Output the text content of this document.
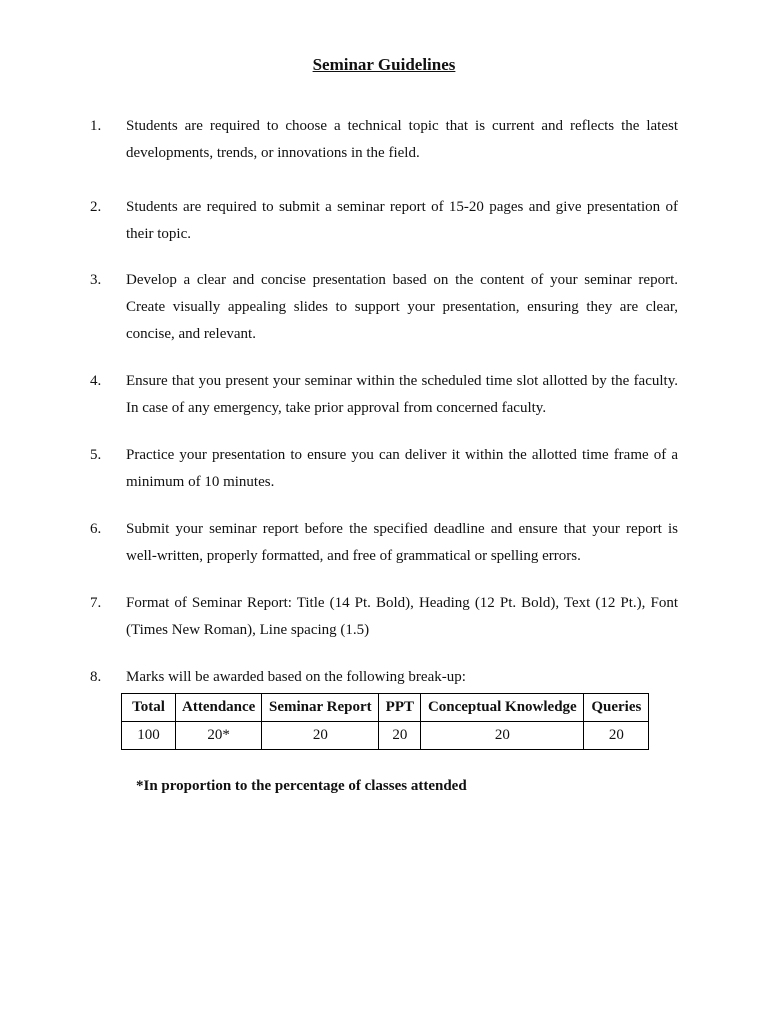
Seminar Guidelines
1.	Students are required to choose a technical topic that is current and reflects the latest developments, trends, or innovations in the field.
2.	Students are required to submit a seminar report of 15-20 pages and give presentation of their topic.
3.	Develop a clear and concise presentation based on the content of your seminar report. Create visually appealing slides to support your presentation, ensuring they are clear, concise, and relevant.
4.	Ensure that you present your seminar within the scheduled time slot allotted by the faculty. In case of any emergency, take prior approval from concerned faculty.
5.	Practice your presentation to ensure you can deliver it within the allotted time frame of a minimum of 10 minutes.
6.	Submit your seminar report before the specified deadline and ensure that your report is well-written, properly formatted, and free of grammatical or spelling errors.
7.	Format of Seminar Report: Title (14 Pt. Bold), Heading (12 Pt. Bold), Text (12 Pt.), Font (Times New Roman), Line spacing (1.5)
8.	Marks will be awarded based on the following break-up:
Total	Attendance	Seminar Report	PPT	Conceptual Knowledge	Queries
100	20*	20	20	20	20
*In proportion to the percentage of classes attended
